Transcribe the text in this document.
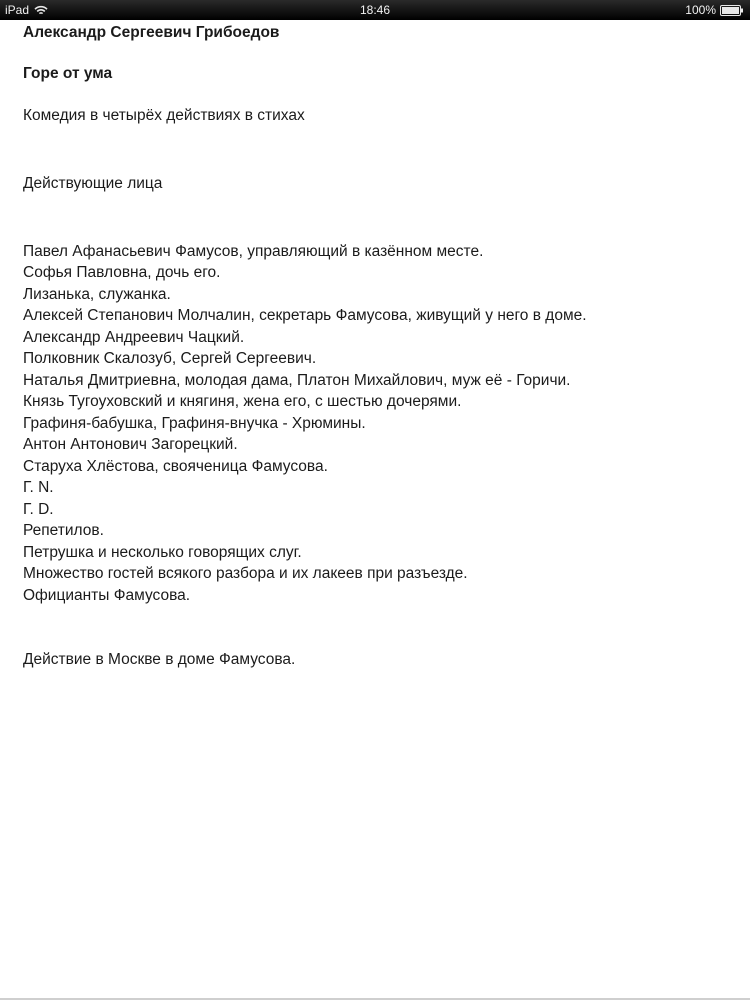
iPad	18:46	100%

Александр Сергеевич Грибоедов

Горе от ума

Комедия в четырёх действиях в стихах

Действующие лица

Павел Афанасьевич Фамусов, управляющий в казённом месте.

Софья Павловна, дочь его.

Лизанька, служанка.

Алексей Степанович Молчалин, секретарь Фамусова, живущий у него в доме.

Александр Андреевич Чацкий.

Полковник Скалозуб, Сергей Сергеевич.

Наталья Дмитриевна, молодая дама, Платон Михайлович, муж её - Горичи.

Князь Тугоуховский и княгиня, жена его, с шестью дочерями.

Графиня-бабушка, Графиня-внучка - Хрюмины.

Антон Антонович Загорецкий.

Старуха Хлёстова, свояченица Фамусова.

Г. N.

Г. D.

Репетилов.

Петрушка и несколько говорящих слуг.

Множество гостей всякого разбора и их лакеев при разъезде.

Официанты Фамусова.

Действие в Москве в доме Фамусова.
